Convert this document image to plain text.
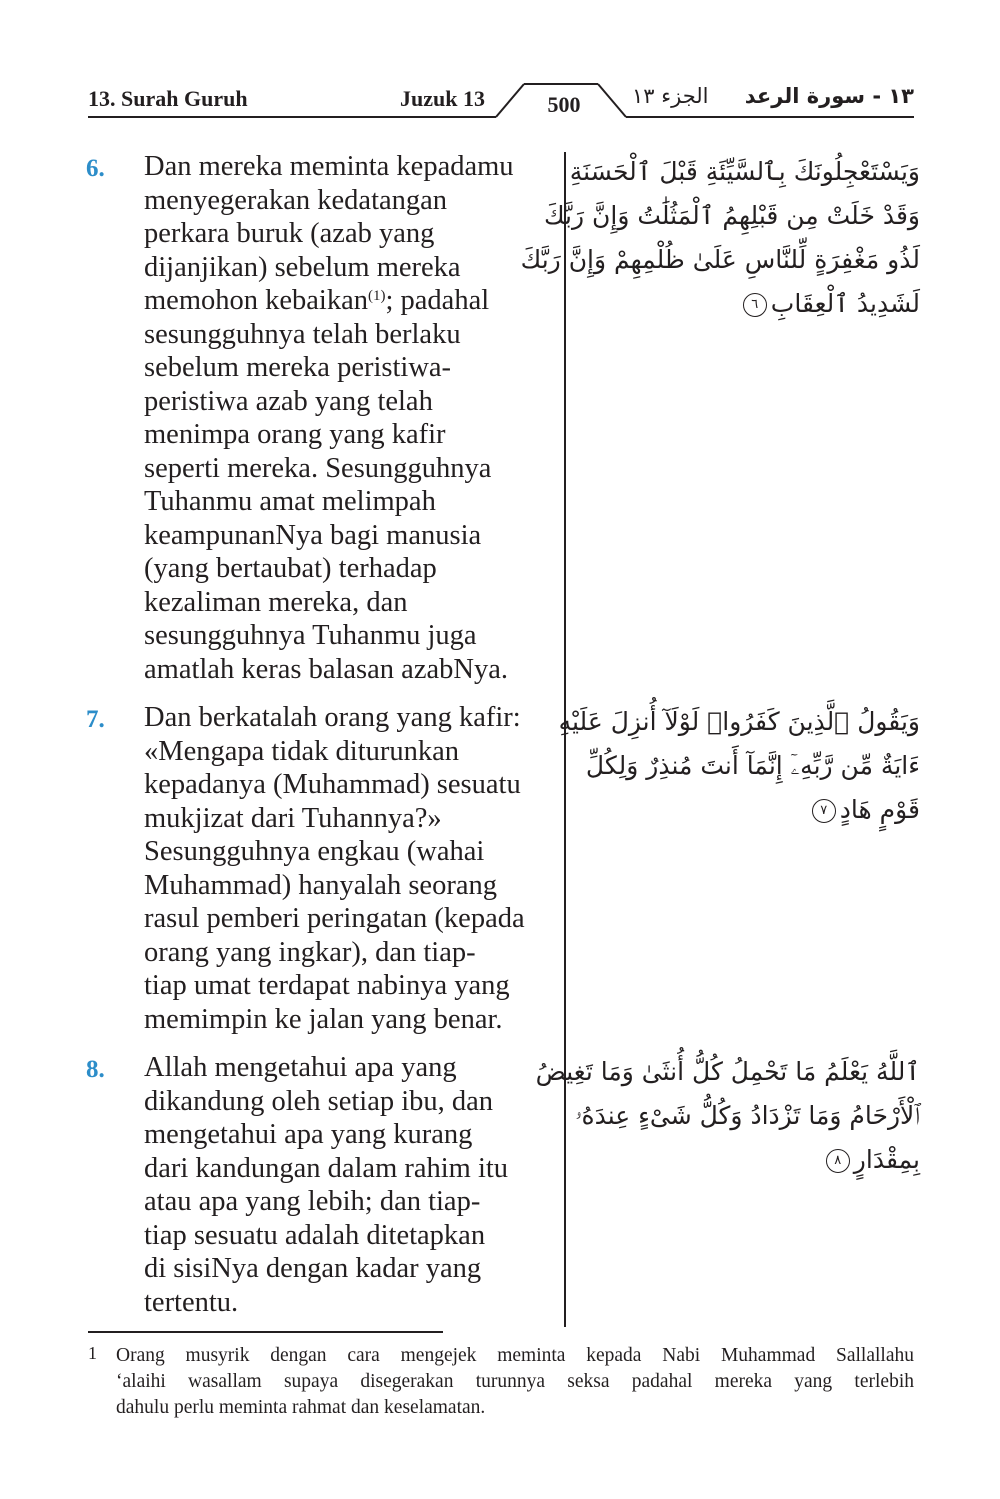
13. Surah Guruh	Juzuk 13	500	الجزء ١٣ ١٣ - سورة الرعد
6. Dan mereka meminta kepadamu
menyegerakan kedatangan
perkara buruk (azab yang
dijanjikan) sebelum mereka
memohon kebaikan$^{(1)}$; padahal
sesungguhnya telah berlaku
sebelum mereka peristiwa-
peristiwa azab yang telah
menimpa orang yang kafir
seperti mereka. Sesungguhnya
Tuhanmu amat melimpah
keampunanNya bagi manusia
(yang bertaubat) terhadap
kezaliman mereka, dan
sesungguhnya Tuhanmu juga
amatlah keras balasan azabNya.
وَيَسْتَعْجِلُونَكَ بِٱلسَّيِّئَةِ قَبْلَ ٱلْحَسَنَةِ
وَقَدْ خَلَتْ مِن قَبْلِهِمُ ٱلْمَثُلَٰتُ وَإِنَّ رَبَّكَ
لَذُو مَغْفِرَةٍ لِّلنَّاسِ عَلَىٰ ظُلْمِهِمْ وَإِنَّ رَبَّكَ
لَشَدِيدُ ٱلْعِقَابِ٦
7. Dan berkatalah orang yang kafir:
«Mengapa tidak diturunkan
kepadanya (Muhammad) sesuatu
mukjizat dari Tuhannya?»
Sesungguhnya engkau (wahai
Muhammad) hanyalah seorang
rasul pemberi peringatan (kepada
orang yang ingkar), dan tiap-
tiap umat terdapat nabinya yang
memimpin ke jalan yang benar.
وَيَقُولُ ٱلَّذِينَ كَفَرُوا۟ لَوْلَآ أُنزِلَ عَلَيْهِ
ءَايَةٌ مِّن رَّبِّهِۦٓ إِنَّمَآ أَنتَ مُنذِرٌ وَلِكُلِّ
قَوْمٍ هَادٍ٧
8. Allah mengetahui apa yang
dikandung oleh setiap ibu, dan
mengetahui apa yang kurang
dari kandungan dalam rahim itu
atau apa yang lebih; dan tiap-
tiap sesuatu adalah ditetapkan
di sisiNya dengan kadar yang
tertentu.
ٱللَّهُ يَعْلَمُ مَا تَحْمِلُ كُلُّ أُنثَىٰ وَمَا تَغِيضُ
ٱلْأَرْحَامُ وَمَا تَزْدَادُ وَكُلُّ شَىْءٍ عِندَهُۥ
بِمِقْدَارٍ٨
1 Orang musyrik dengan cara mengejek meminta kepada Nabi Muhammad Sallallahu
‘alaihi wasallam supaya disegerakan turunnya seksa padahal mereka yang terlebih
dahulu perlu meminta rahmat dan keselamatan.
